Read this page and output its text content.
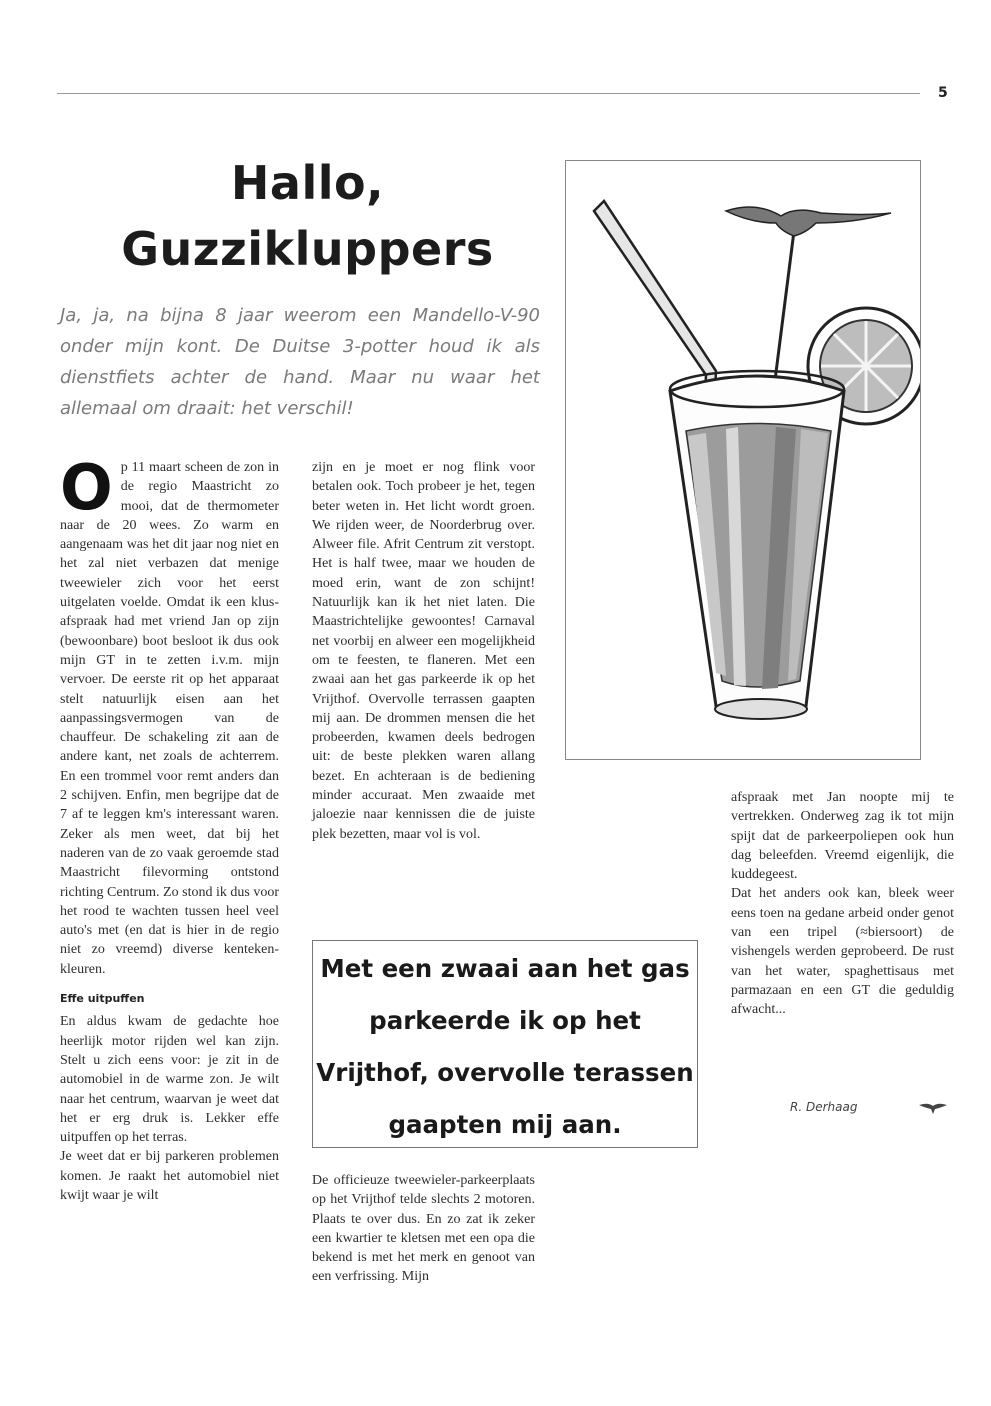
5
Hallo,
Guzzikluppers
Ja, ja, na bijna 8 jaar weerom een Mandello-V-90 onder mijn kont. De Duitse 3-potter houd ik als dienstfiets achter de hand. Maar nu waar het allemaal om draait: het verschil!

Op 11 maart scheen de zon in de regio Maastricht zo mooi, dat de thermometer naar de 20 wees. Zo warm en aangenaam was het dit jaar nog niet en het zal niet verbazen dat menige tweewieler zich voor het eerst uitgelaten voelde. Omdat ik een klus-afspraak had met vriend Jan op zijn (bewoonbare) boot besloot ik dus ook mijn GT in te zetten i.v.m. mijn vervoer. De eerste rit op het apparaat stelt natuurlijk eisen aan het aanpassingsvermogen van de chauffeur. De schakeling zit aan de andere kant, net zoals de achterrem. En een trommel voor remt anders dan 2 schijven. Enfin, men begrijpe dat de 7 af te leggen km's interessant waren. Zeker als men weet, dat bij het naderen van de zo vaak geroemde stad Maastricht filevorming ontstond richting Centrum. Zo stond ik dus voor het rood te wachten tussen heel veel auto's met (en dat is hier in de regio niet zo vreemd) diverse kenteken-kleuren.

Effe uitpuffen

En aldus kwam de gedachte hoe heerlijk motor rijden wel kan zijn. Stelt u zich eens voor: je zit in de automobiel in de warme zon. Je wilt naar het centrum, waarvan je weet dat het er erg druk is. Lekker effe uitpuffen op het terras.

Je weet dat er bij parkeren problemen komen. Je raakt het automobiel niet kwijt waar je wilt

zijn en je moet er nog flink voor betalen ook. Toch probeer je het, tegen beter weten in. Het licht wordt groen. We rijden weer, de Noorderbrug over. Alweer file. Afrit Centrum zit verstopt. Het is half twee, maar we houden de moed erin, want de zon schijnt! Natuurlijk kan ik het niet laten. Die Maastrichtelijke gewoontes! Carnaval net voorbij en alweer een mogelijkheid om te feesten, te flaneren. Met een zwaai aan het gas parkeerde ik op het Vrijthof. Overvolle terrassen gaapten mij aan. De drommen mensen die het probeerden, kwamen deels bedrogen uit: de beste plekken waren allang bezet. En achteraan is de bediening minder accuraat. Men zwaaide met jaloezie naar kennissen die de juiste plek bezetten, maar vol is vol.

Met een zwaai aan het gas parkeerde ik op het Vrijthof, overvolle terassen gaapten mij aan.

De officieuze tweewieler-parkeerplaats op het Vrijthof telde slechts 2 motoren. Plaats te over dus. En zo zat ik zeker een kwartier te kletsen met een opa die bekend is met het merk en genoot van een verfrissing. Mijn

afspraak met Jan noopte mij te vertrekken. Onderweg zag ik tot mijn spijt dat de parkeerpoliepen ook hun dag beleefden. Vreemd eigenlijk, die kuddegeest.

Dat het anders ook kan, bleek weer eens toen na gedane arbeid onder genot van een tripel (≈biersoort) de vishengels werden geprobeerd. De rust van het water, spaghettisaus met parmazaan en een GT die geduldig afwacht...

R. Derhaag
